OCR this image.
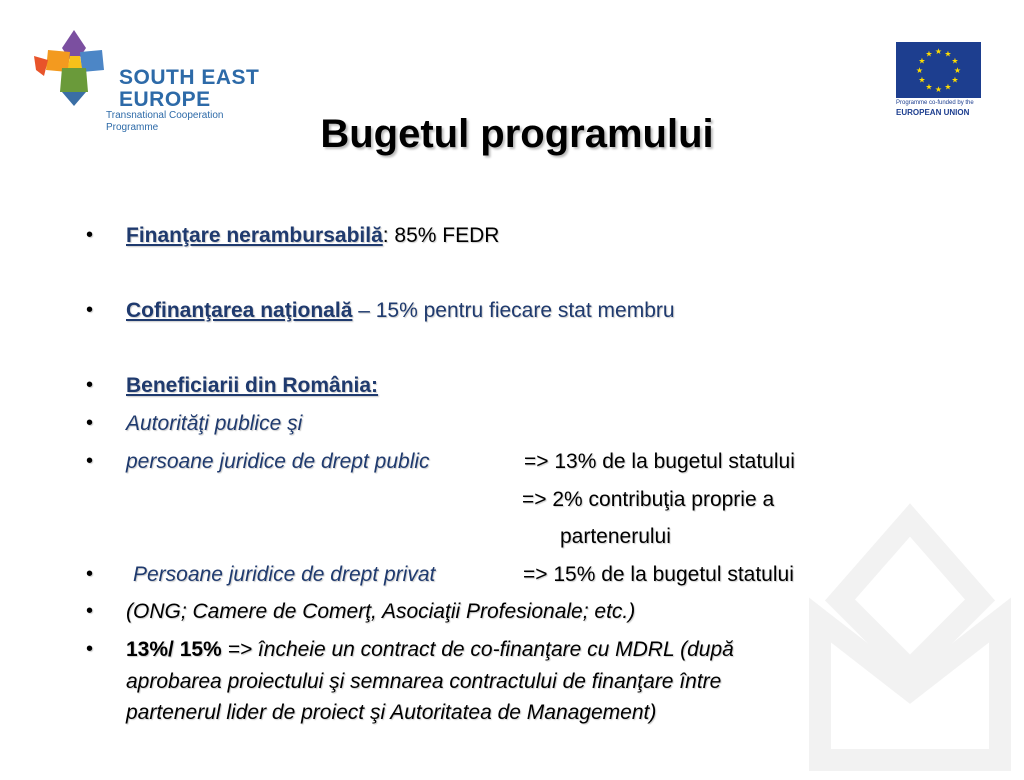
SOUTH EAST
EUROPE
Transnational Cooperation Programme
★ ★
★
★
★
★
★
★
★
★
★
★
Programme co-funded by the
EUROPEAN UNION
Bugetul programului
• Finanţare nerambursabilă: 85% FEDR
• Cofinanţarea naţională – 15% pentru fiecare stat membru
• Beneficiarii din România:
• Autorităţi publice şi
• persoane juridice de drept public	=> 13% de la bugetul statului
=> 2% contribuţia proprie a
partenerului
• Persoane juridice de drept privat	=> 15% de la bugetul statului
• (ONG; Camere de Comerţ, Asociaţii Profesionale; etc.)
• 13%/ 15% => încheie un contract de co-finanţare cu MDRL (după
aprobarea proiectului şi semnarea contractului de finanţare între
partenerul lider de proiect şi Autoritatea de Management)
